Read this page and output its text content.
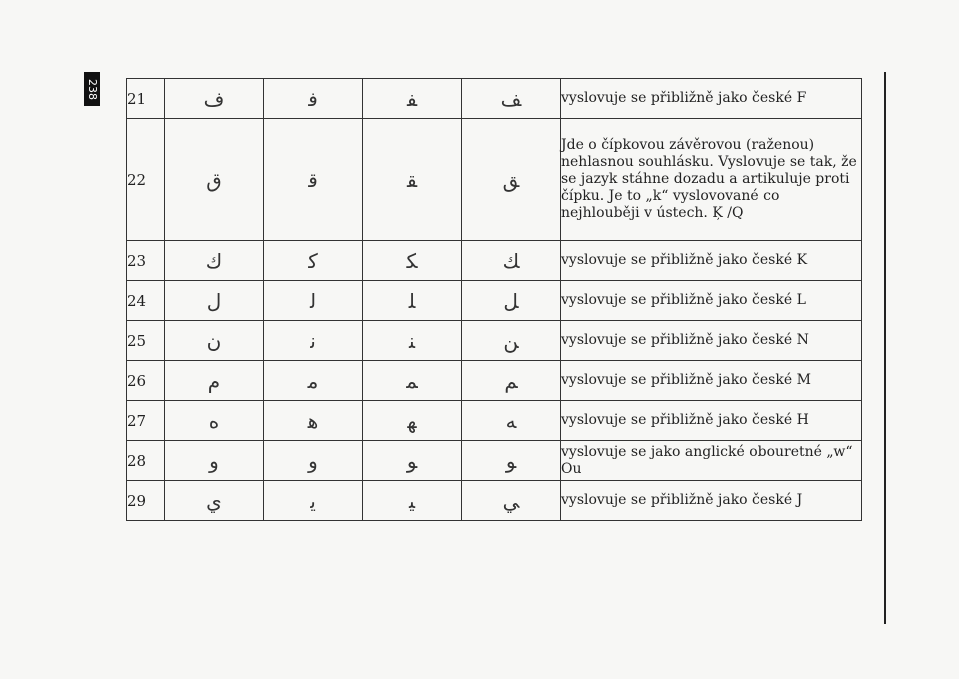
238 21	ف	ﻓ	ﻔ	ﻒ	vyslovuje se přibližně jako české F
22	ق	ﻗ	ﻘ	ﻖ	Jde o čípkovou závěrovou (raženou) nehlasnou souhlásku. Vyslovuje se tak, že se jazyk stáhne dozadu a artikuluje proti čípku. Je to „k“ vyslovované co nejhlouběji v ústech. Ķ /Q
23	ك	ﻛ	ﻜ	ﻚ	vyslovuje se přibližně jako české K
24	ل	ﻟ	ﻠ	ﻞ	vyslovuje se přibližně jako české L
25	ن	ﻧ	ﻨ	ﻦ	vyslovuje se přibližně jako české N
26	م	ﻣ	ﻤ	ﻢ	vyslovuje se přibližně jako české M
27	ه	ﻫ	ﻬ	ﻪ	vyslovuje se přibližně jako české H
28	و	و	ﻮ	ﻮ	vyslovuje se jako anglické obouretné „w“ Ou
29	ي	ﻳ	ﻴ	ﻲ	vyslovuje se přibližně jako české J
